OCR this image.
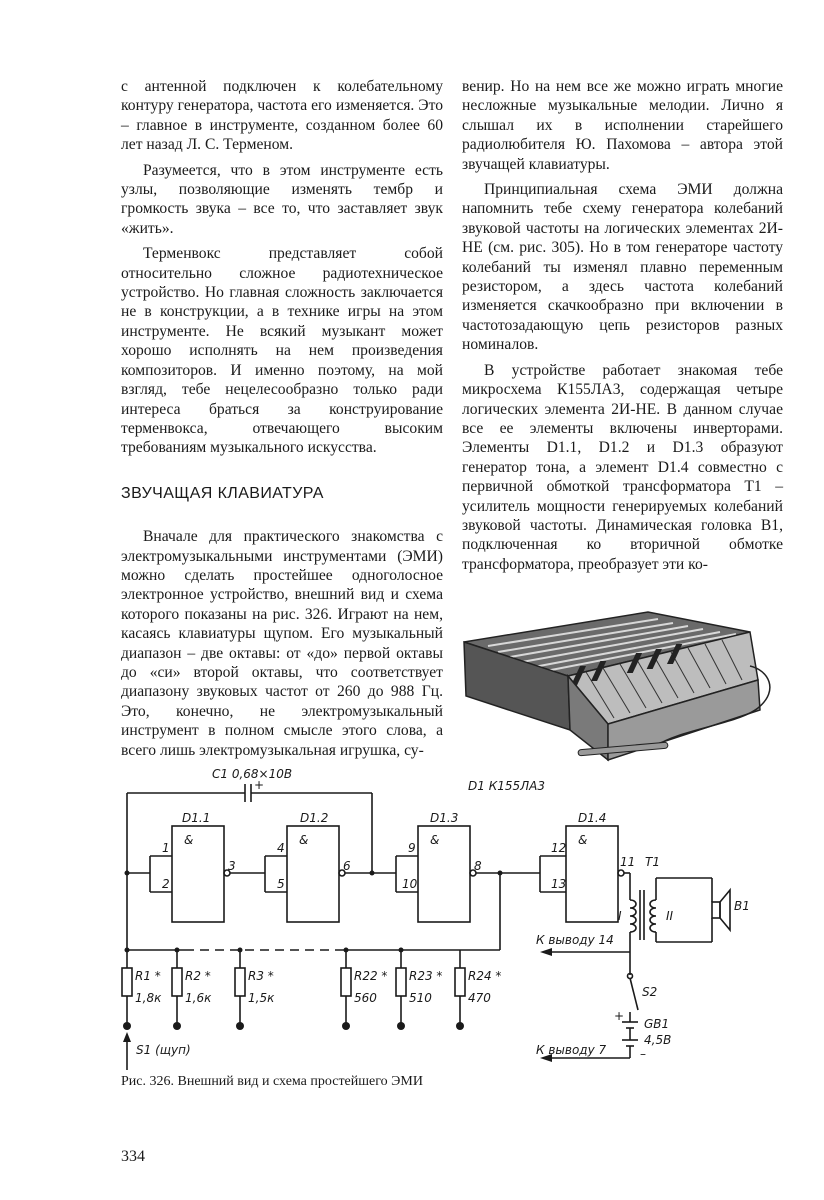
с антенной подключен к колебательному контуру генератора, частота его изменяется. Это – главное в инструменте, созданном более 60 лет назад Л. С. Терменом.

Разумеется, что в этом инструменте есть узлы, позволяющие изменять тембр и громкость звука – все то, что заставляет звук «жить».

Терменвокс представляет собой относительно сложное радиотехническое устройство. Но главная сложность заключается не в конструкции, а в технике игры на этом инструменте. Не всякий музыкант может хорошо исполнять на нем произведения композиторов. И именно поэтому, на мой взгляд, тебе нецелесообразно только ради интереса браться за конструирование терменвокса, отвечающего высоким требованиям музыкального искусства.

ЗВУЧАЩАЯ КЛАВИАТУРА

Вначале для практического знакомства с электромузыкальными инструментами (ЭМИ) можно сделать простейшее одноголосное электронное устройство, внешний вид и схема которого показаны на рис. 326. Играют на нем, касаясь клавиатуры щупом. Его музыкальный диапазон – две октавы: от «до» первой октавы до «си» второй октавы, что соответствует диапазону звуковых частот от 260 до 988 Гц. Это, конечно, не электромузыкальный инструмент в полном смысле этого слова, а всего лишь электромузыкальная игрушка, су-

венир. Но на нем все же можно играть многие несложные музыкальные мелодии. Лично я слышал их в исполнении старейшего радиолюбителя Ю. Пахомова – автора этой звучащей клавиатуры.

Принципиальная схема ЭМИ должна напомнить тебе схему генератора колебаний звуковой частоты на логических элементах 2И-НЕ (см. рис. 305). Но в том генераторе частоту колебаний ты изменял плавно переменным резистором, а здесь частота колебаний изменяется скачкообразно при включении в частотозадающую цепь резисторов разных номиналов.

В устройстве работает знакомая тебе микросхема К155ЛА3, содержащая четыре логических элемента 2И-НЕ. В данном случае все ее элементы включены инверторами. Элементы D1.1, D1.2 и D1.3 образуют генератор тона, а элемент D1.4 совместно с первичной обмоткой трансформатора Т1 – усилитель мощности генерируемых колебаний звуковой частоты. Динамическая головка В1, подключенная ко вторичной обмотке трансформатора, преобразует эти ко-

C1 0,68×10В
+	D1 К155ЛА3
D1.1
&
1
2
3
D1.2
&
4
5
6
D1.3
&
9
10
8
D1.4
&
12
13
11 Т1
I	II
В1
К выводу 14
S2
GB1
4,5В
+
–
К выводу 7
R1 *
1,8к
R2 *
1,6к
R3 *
1,5к
R22 *
560
R23 *
510
R24 *
470
S1 (щуп)
Рис. 326. Внешний вид и схема простейшего ЭМИ
334
